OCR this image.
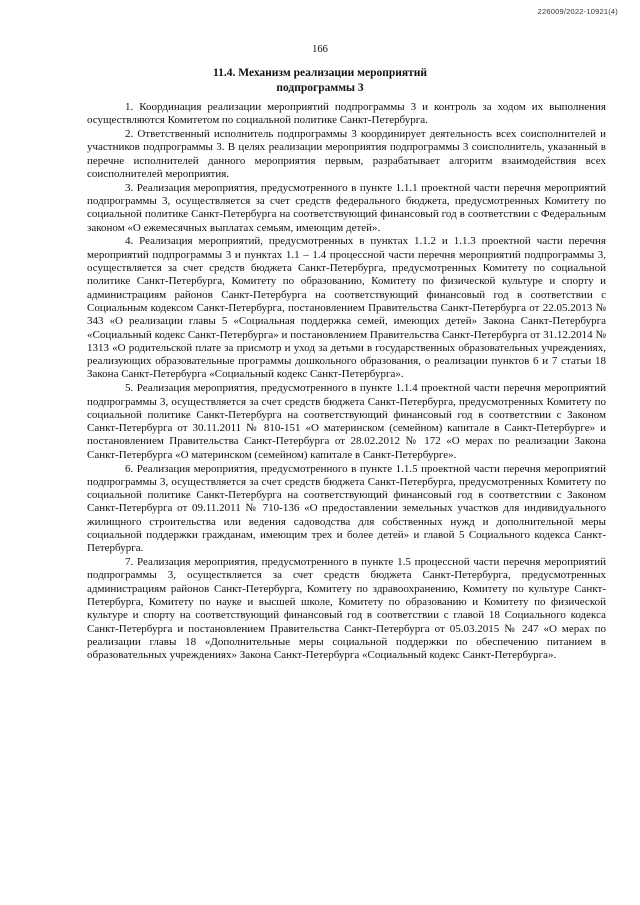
226009/2022-10921(4)
166
11.4. Механизм реализации мероприятий
подпрограммы 3

1. Координация реализации мероприятий подпрограммы 3 и контроль за ходом их выполнения осуществляются Комитетом по социальной политике Санкт-Петербурга.

2. Ответственный исполнитель подпрограммы 3 координирует деятельность всех соисполнителей и участников подпрограммы 3. В целях реализации мероприятия подпрограммы 3 соисполнитель, указанный в перечне исполнителей данного мероприятия первым, разрабатывает алгоритм взаимодействия всех соисполнителей мероприятия.

3. Реализация мероприятия, предусмотренного в пункте 1.1.1 проектной части перечня мероприятий подпрограммы 3, осуществляется за счет средств федерального бюджета, предусмотренных Комитету по социальной политике Санкт-Петербурга на соответствующий финансовый год в соответствии с Федеральным законом «О ежемесячных выплатах семьям, имеющим детей».

4. Реализация мероприятий, предусмотренных в пунктах 1.1.2 и 1.1.3 проектной части перечня мероприятий подпрограммы 3 и пунктах 1.1 – 1.4 процессной части перечня мероприятий подпрограммы 3, осуществляется за счет средств бюджета Санкт-Петербурга, предусмотренных Комитету по социальной политике Санкт-Петербурга, Комитету по образованию, Комитету по физической культуре и спорту и администрациям районов Санкт-Петербурга на соответствующий финансовый год в соответствии с Социальным кодексом Санкт-Петербурга, постановлением Правительства Санкт-Петербурга от 22.05.2013 № 343 «О реализации главы 5 «Социальная поддержка семей, имеющих детей» Закона Санкт-Петербурга «Социальный кодекс Санкт-Петербурга» и постановлением Правительства Санкт-Петербурга от 31.12.2014 № 1313 «О родительской плате за присмотр и уход за детьми в государственных образовательных учреждениях, реализующих образовательные программы дошкольного образования, о реализации пунктов 6 и 7 статьи 18 Закона Санкт-Петербурга «Социальный кодекс Санкт-Петербурга».

5. Реализация мероприятия, предусмотренного в пункте 1.1.4 проектной части перечня мероприятий подпрограммы 3, осуществляется за счет средств бюджета Санкт-Петербурга, предусмотренных Комитету по социальной политике Санкт-Петербурга на соответствующий финансовый год в соответствии с Законом Санкт-Петербурга от 30.11.2011 № 810-151 «О материнском (семейном) капитале в Санкт-Петербурге» и постановлением Правительства Санкт-Петербурга от 28.02.2012 № 172 «О мерах по реализации Закона Санкт-Петербурга «О материнском (семейном) капитале в Санкт-Петербурге».

6. Реализация мероприятия, предусмотренного в пункте 1.1.5 проектной части перечня мероприятий подпрограммы 3, осуществляется за счет средств бюджета Санкт-Петербурга, предусмотренных Комитету по социальной политике Санкт-Петербурга на соответствующий финансовый год в соответствии с Законом Санкт-Петербурга от 09.11.2011 № 710-136 «О предоставлении земельных участков для индивидуального жилищного строительства или ведения садоводства для собственных нужд и дополнительной меры социальной поддержки гражданам, имеющим трех и более детей» и главой 5 Социального кодекса Санкт-Петербурга.

7. Реализация мероприятия, предусмотренного в пункте 1.5 процессной части перечня мероприятий подпрограммы 3, осуществляется за счет средств бюджета Санкт-Петербурга, предусмотренных администрациям районов Санкт-Петербурга, Комитету по здравоохранению, Комитету по культуре Санкт-Петербурга, Комитету по науке и высшей школе, Комитету по образованию и Комитету по физической культуре и спорту на соответствующий финансовый год в соответствии с главой 18 Социального кодекса Санкт-Петербурга и постановлением Правительства Санкт-Петербурга от 05.03.2015 № 247 «О мерах по реализации главы 18 «Дополнительные меры социальной поддержки по обеспечению питанием в образовательных учреждениях» Закона Санкт-Петербурга «Социальный кодекс Санкт-Петербурга».
